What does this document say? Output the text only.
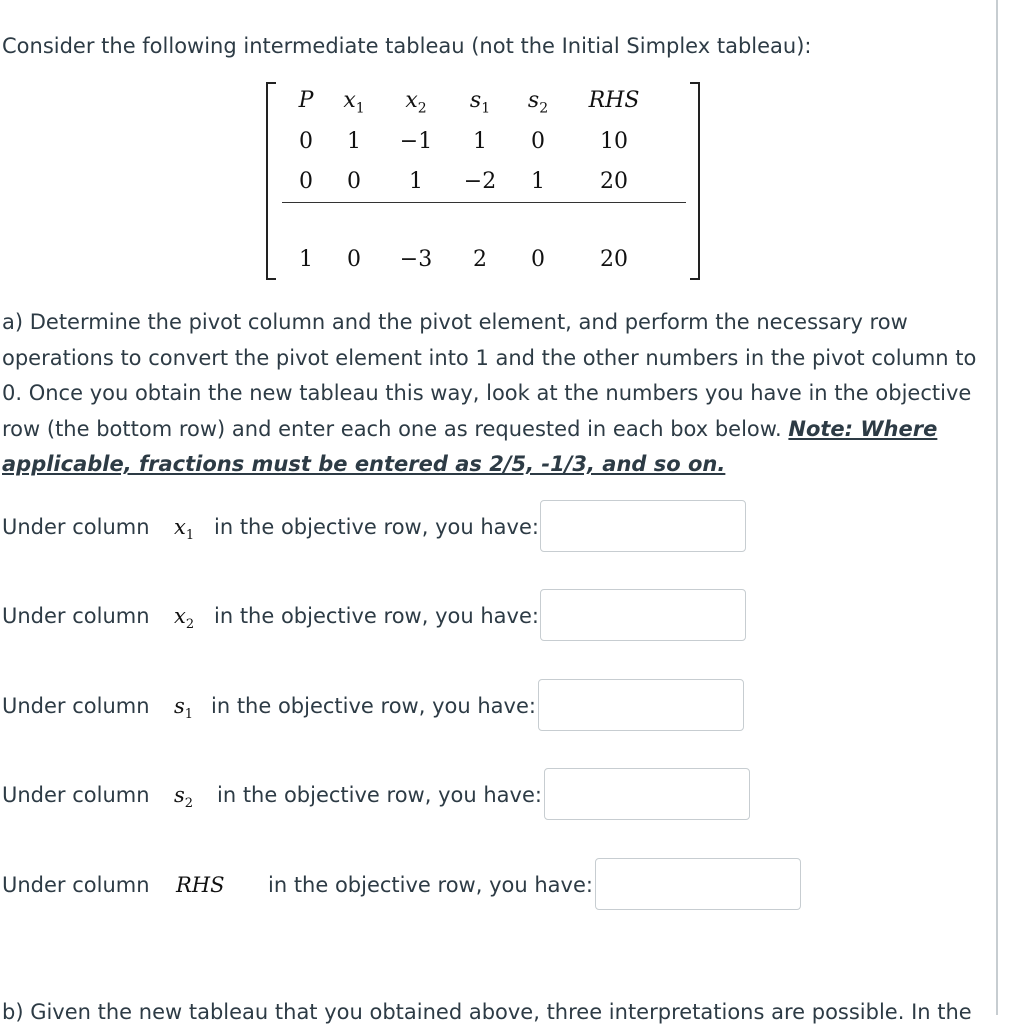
Consider the following intermediate tableau (not the Initial Simplex tableau):
P	$x_1$	$x_2$	$s_1$	$s_2$	RHS
0	1	−1	1	0	10
0	0	1	−2	1	20
1	0	−3	2	0	20
a) Determine the pivot column and the pivot element, and perform the necessary row operations to convert the pivot element into 1 and the other numbers in the pivot column to 0. Once you obtain the new tableau this way, look at the numbers you have in the objective row (the bottom row) and enter each one as requested in each box below. Note: Where applicable, fractions must be entered as 2/5, -1/3, and so on.
Under column $x_1$ in the objective row, you have:
Under column $x_2$ in the objective row, you have:
Under column $s_1$ in the objective row, you have:
Under column $s_2$ in the objective row, you have:
Under column RHS in the objective row, you have:
b) Given the new tableau that you obtained above, three interpretations are possible. In the
